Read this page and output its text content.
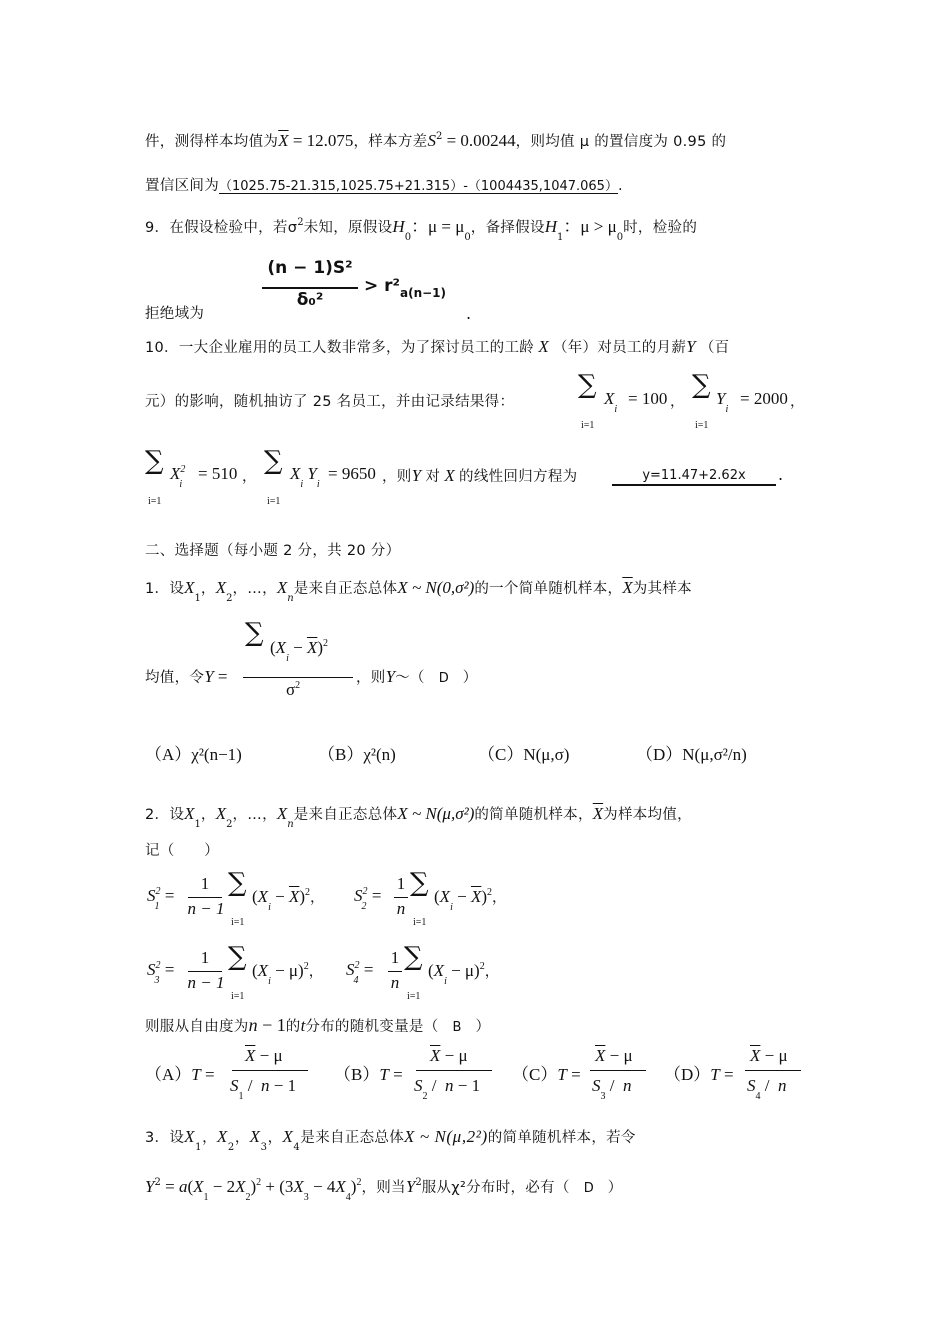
件，测得样本均值为$\overline{X} = 12.075$，样本方差$S^2 = 0.00244$，则均值 μ 的置信度为 0.95 的
置信区间为（1025.75-21.315,1025.75+21.315）-（1004435,1047.065）.
9．在假设检验中，若$\sigma^2$未知，原假设$H_0$：$\mu = \mu_0$，备择假设$H_1$：$\mu > \mu_0$时，检验的
(n − 1)S²
δ₀²
> $r^2_{a(n-1)}$
拒绝域为	.
10．一大企业雇用的员工人数非常多，为了探讨员工的工龄 X （年）对员工的月薪Y （百
元）的影响，随机抽访了 25 名员工，并由记录结果得：
∑
i=1
$X_i$
= 100 ，
∑
i=1
$Y_i$
= 2000 ，
∑
i=1
$X^2_i$
= 510 ，
∑
i=1
$X_i$ $Y_i$
= 9650 ，则Y 对 X 的线性回归方程为	y=11.47+2.62x	.
二、选择题（每小题 2 分，共 20 分）
1．设$X_1$，$X_2$，…，$X_n$是来自正态总体X ~ N(0,σ²)的一个简单随机样本，$\overline{X}$为其样本
∑ $(X_i - \overline{X})^2$
$\sigma^2$
均值，令Y =	，则Y～（ D ）
（A）χ²(n−1)	（B）χ²(n)	（C）N(μ,σ)	（D）N(μ,σ²/n)
2．设$X_1$，$X_2$，…，$X_n$是来自正态总体X ~ N(μ,σ²)的简单随机样本，$\overline{X}$为样本均值，
记（　　）
$S^2_1$ =
1
n − 1
∑
i=1
$(X_i - \overline{X})^2$， $S^2_2$ =
1
n
∑
i=1
$(X_i - \overline{X})^2$，
$S^2_3$ =
1
n − 1
∑
i=1
$(X_i - \mu)^2$， $S^2_4$ =
1
n
∑
i=1
$(X_i - \mu)^2$，
则服从自由度为n − 1的t分布的随机变量是（ B ）
（A）T =
$\overline{X} - \mu$
$S_1 / n - 1$
（B）T =
$\overline{X} - \mu$
$S_2 / n - 1$
（C）T =
$\overline{X} - \mu$
$S_3$ /  n
（D）T =
$\overline{X} - \mu$
$S_4$ /  n
3．设$X_1$，$X_2$，$X_3$，$X_4$是来自正态总体X ~ N(μ,2²)的简单随机样本，若令
$Y^2 = a(X_1 - 2X_2)^2 + (3X_3 - 4X_4)^2$，则当$Y^2$服从χ²分布时，必有（ D ）
